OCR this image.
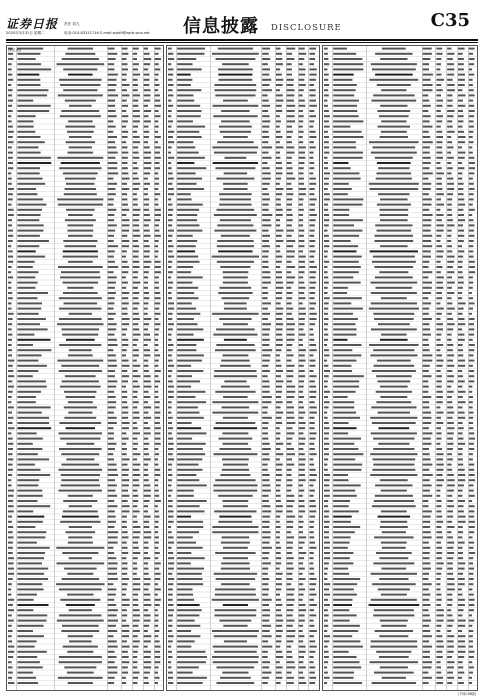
证券日报 责任 刘九
2020年3月31日 星期二	电话:010-83251716 E-mail:zqrb9@zqrb.sina.net 信息披露 DISCLOSURE	C35
(单位:股)
(下转C36版)
